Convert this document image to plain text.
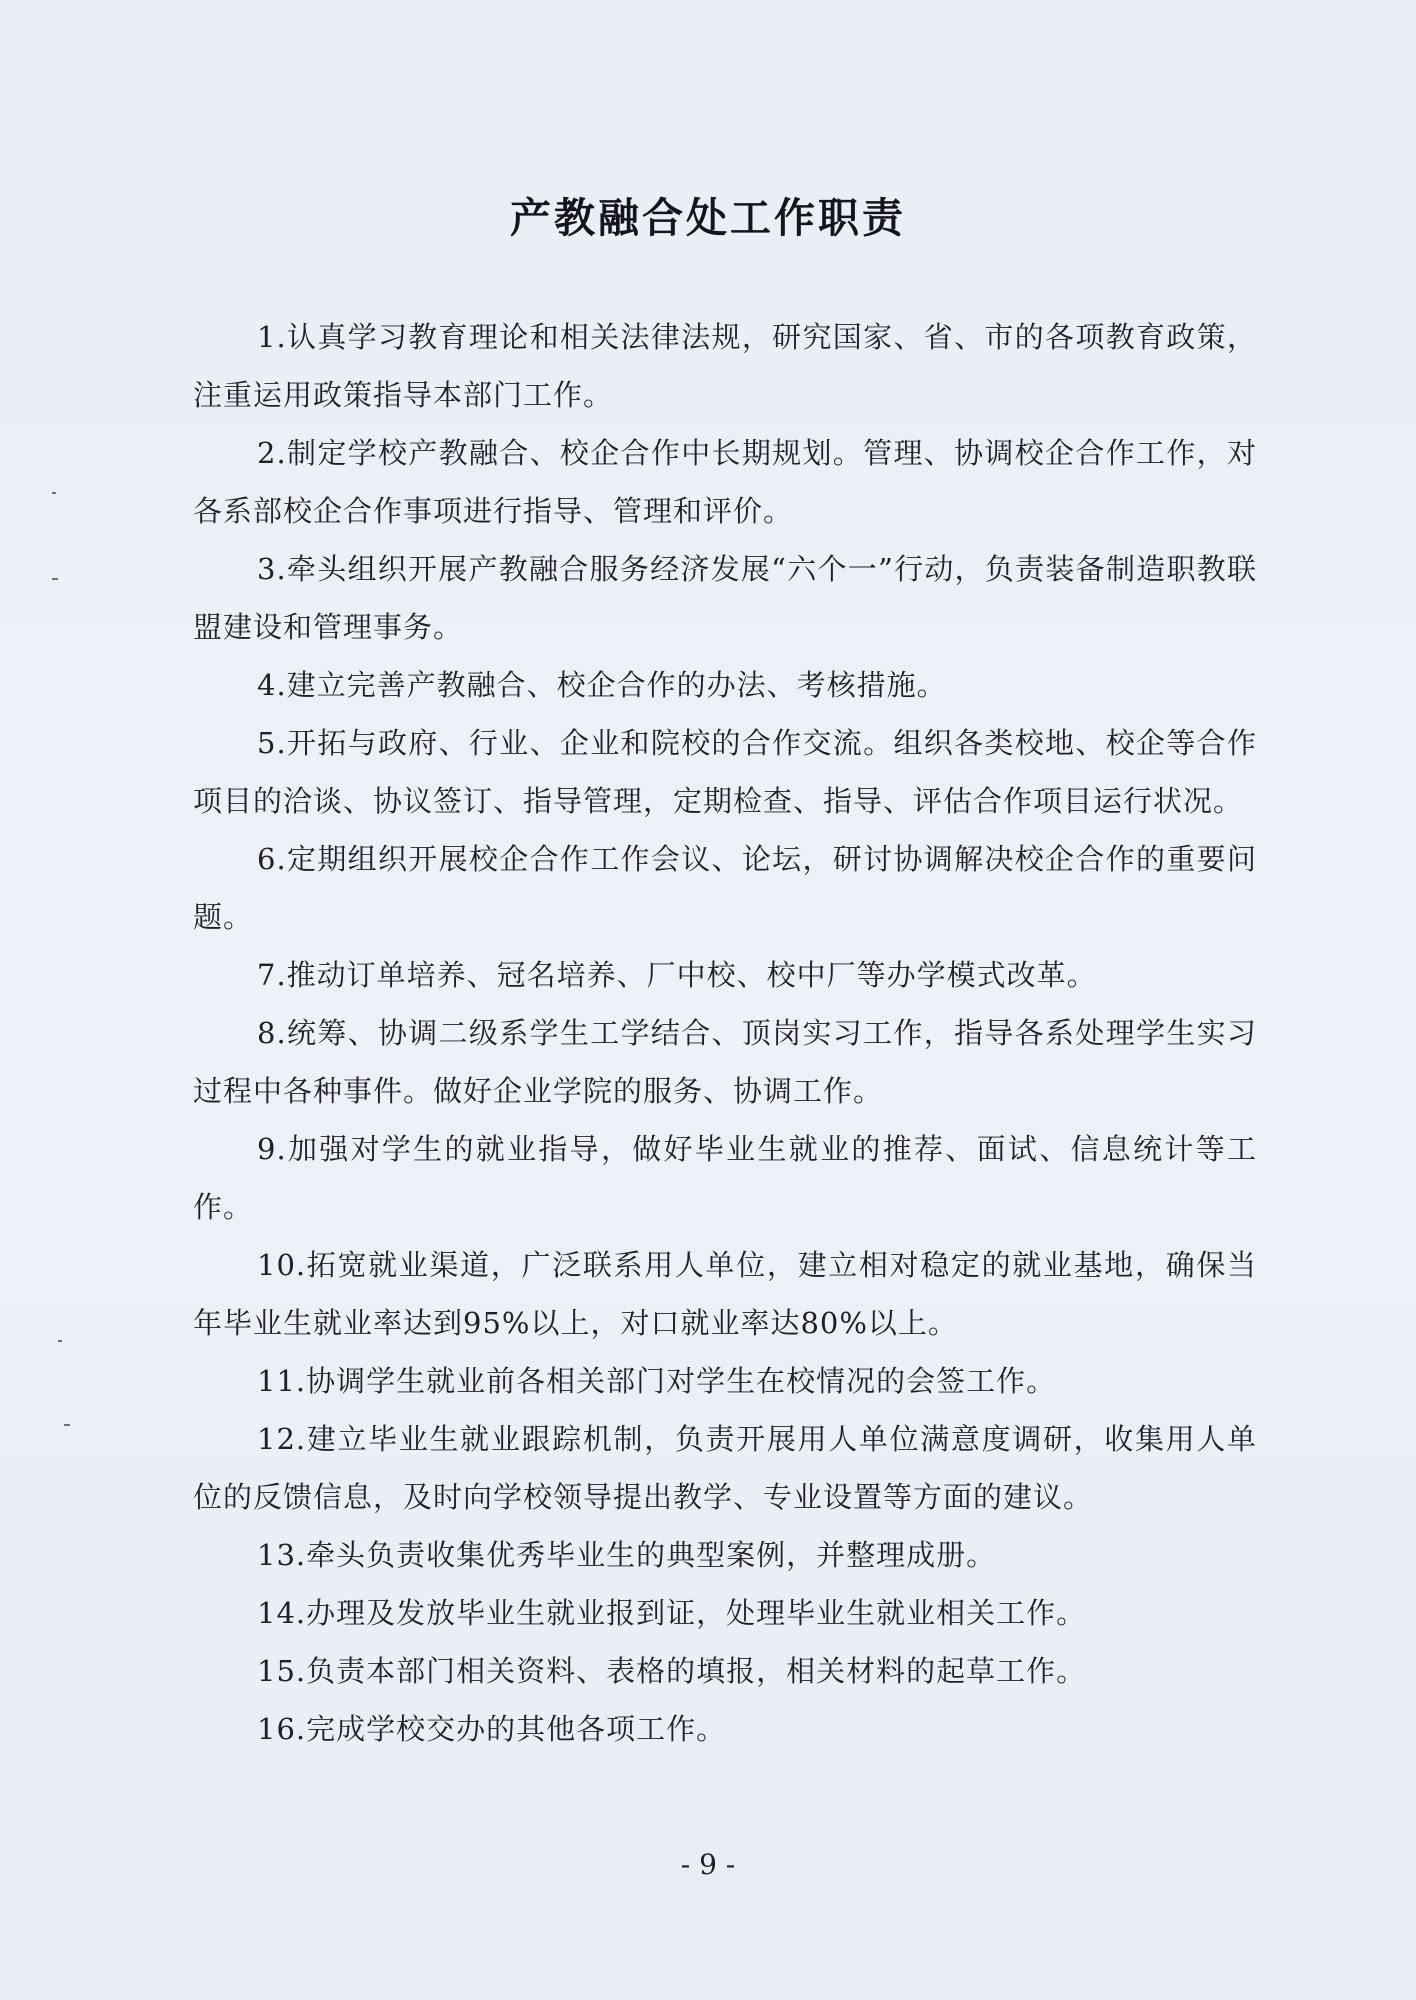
产教融合处工作职责

1.认真学习教育理论和相关法律法规，研究国家、省、市的各项教育政策，注重运用政策指导本部门工作。

2.制定学校产教融合、校企合作中长期规划。管理、协调校企合作工作，对各系部校企合作事项进行指导、管理和评价。

3.牵头组织开展产教融合服务经济发展“六个一”行动，负责装备制造职教联盟建设和管理事务。

4.建立完善产教融合、校企合作的办法、考核措施。

5.开拓与政府、行业、企业和院校的合作交流。组织各类校地、校企等合作项目的洽谈、协议签订、指导管理，定期检查、指导、评估合作项目运行状况。

6.定期组织开展校企合作工作会议、论坛，研讨协调解决校企合作的重要问题。

7.推动订单培养、冠名培养、厂中校、校中厂等办学模式改革。

8.统筹、协调二级系学生工学结合、顶岗实习工作，指导各系处理学生实习过程中各种事件。做好企业学院的服务、协调工作。

9.加强对学生的就业指导，做好毕业生就业的推荐、面试、信息统计等工作。

10.拓宽就业渠道，广泛联系用人单位，建立相对稳定的就业基地，确保当年毕业生就业率达到95%以上，对口就业率达80%以上。

11.协调学生就业前各相关部门对学生在校情况的会签工作。

12.建立毕业生就业跟踪机制，负责开展用人单位满意度调研，收集用人单位的反馈信息，及时向学校领导提出教学、专业设置等方面的建议。

13.牵头负责收集优秀毕业生的典型案例，并整理成册。

14.办理及发放毕业生就业报到证，处理毕业生就业相关工作。

15.负责本部门相关资料、表格的填报，相关材料的起草工作。

16.完成学校交办的其他各项工作。

- 9 -
